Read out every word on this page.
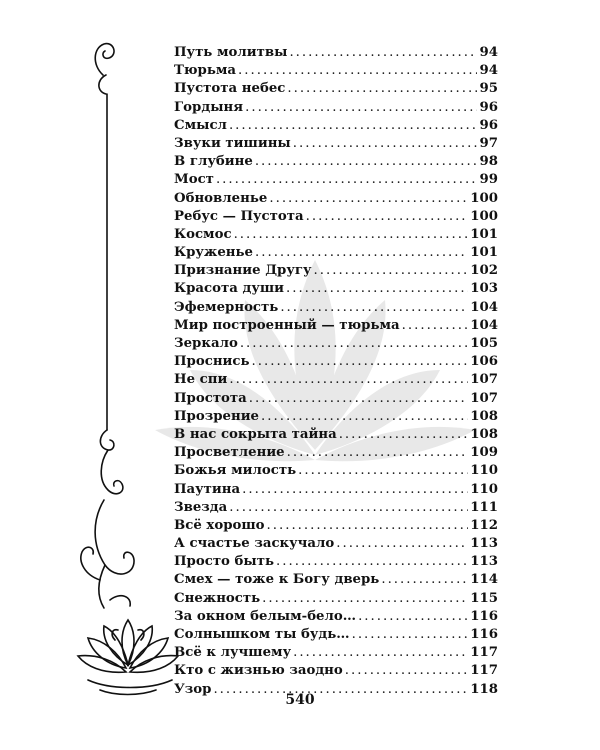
Путь молитвы .....	94
Тюрьма .....	94
Пустота небес .....	95
Гордыня .....	96
Смысл .....	96
Звуки тишины .....	97
В глубине .....	98
Мост .....	99
Обновленье .....	100
Ребус — Пустота .....	100
Космос .....	101
Круженье .....	101
Признание Другу .....	102
Красота души .....	103
Эфемерность .....	104
Мир построенный — тюрьма .....	104
Зеркало .....	105
Проснись .....	106
Не спи .....	107
Простота .....	107
Прозрение .....	108
В нас сокрыта тайна .....	108
Просветление .....	109
Божья милость .....	110
Паутина .....	110
Звезда .....	111
Всё хорошо .....	112
А счастье заскучало .....	113
Просто быть .....	113
Смех — тоже к Богу дверь .....	114
Снежность .....	115
За окном белым-бело… .....	116
Солнышком ты будь… .....	116
Всё к лучшему .....	117
Кто с жизнью заодно .....	117
Узор .....	118
540
